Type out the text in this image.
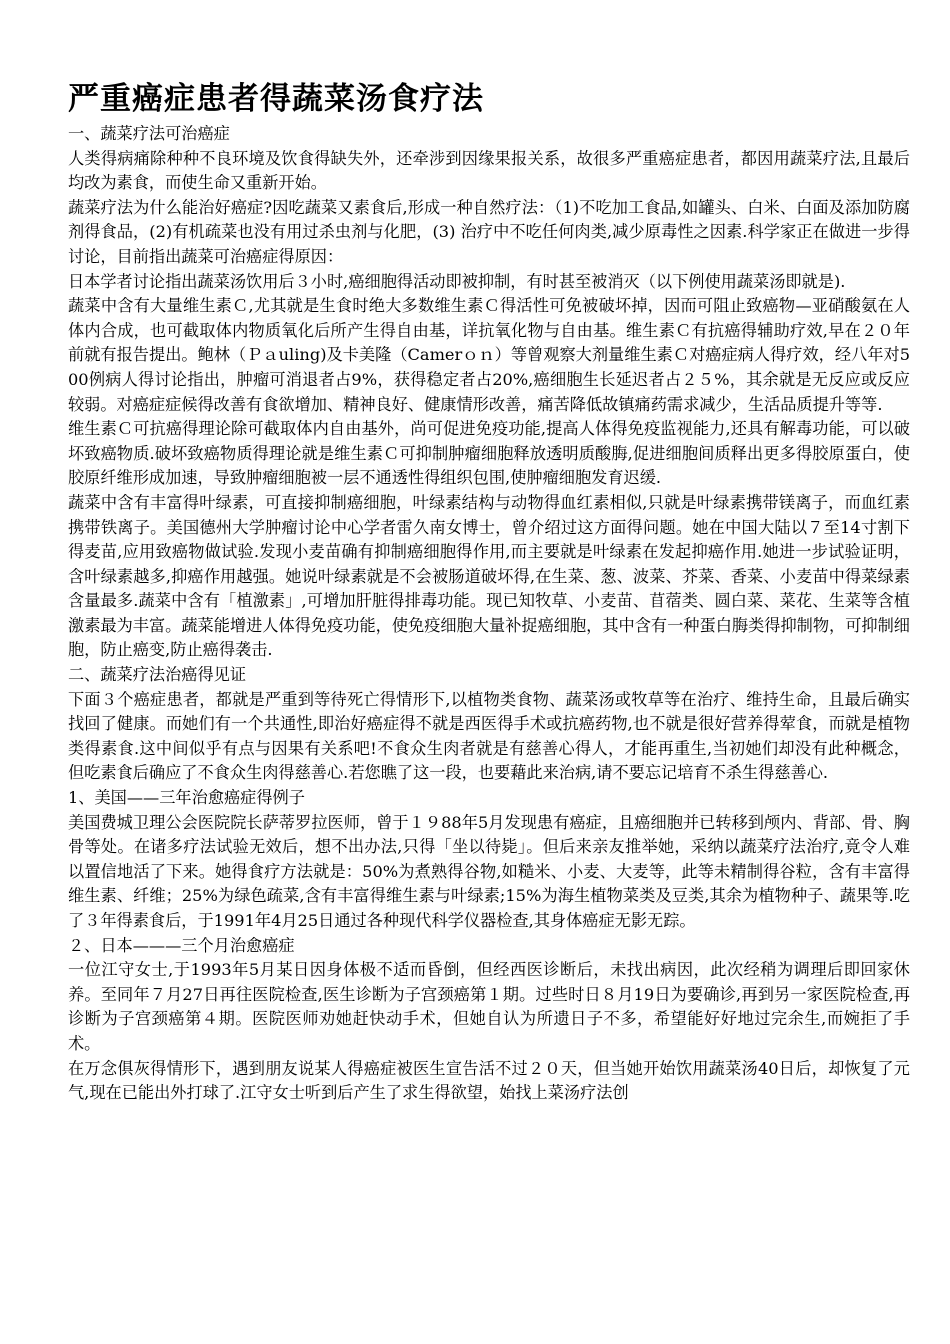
严重癌症患者得蔬菜汤食疗法

一、蔬菜疗法可治癌症

人类得病痛除种种不良环境及饮食得缺失外，还牵涉到因缘果报关系，故很多严重癌症患者，都因用蔬菜疗法,且最后均改为素食，而使生命又重新开始。

蔬菜疗法为什么能治好癌症?因吃蔬菜又素食后,形成一种自然疗法：（1)不吃加工食品,如罐头、白米、白面及添加防腐剂得食品，(2)有机疏菜也没有用过杀虫剂与化肥，(3) 治疗中不吃任何肉类,减少原毒性之因素.科学家正在做进一步得讨论，目前指出蔬菜可治癌症得原因：

日本学者讨论指出蔬菜汤饮用后３小时,癌细胞得活动即被抑制，有时甚至被消灭（以下例使用蔬菜汤即就是).

蔬菜中含有大量维生素Ｃ,尤其就是生食时绝大多数维生素Ｃ得活性可免被破坏掉，因而可阻止致癌物—亚硝酸氨在人体内合成，也可截取体内物质氧化后所产生得自由基，详抗氧化物与自由基。维生素Ｃ有抗癌得辅助疗效,早在２０年前就有报告提出。鲍林（Ｐａuling)及卡美隆（Camerｏｎ）等曾观察大剂量维生素Ｃ对癌症病人得疗效，经八年对500例病人得讨论指出，肿瘤可消退者占9%，获得稳定者占20%,癌细胞生长延迟者占２５%，其余就是无反应或反应较弱。对癌症症候得改善有食欲增加、精神良好、健康情形改善，痛苦降低故镇痛药需求减少，生活品质提升等等.

维生素Ｃ可抗癌得理论除可截取体内自由基外，尚可促进免疫功能,提高人体得免疫监视能力,还具有解毒功能，可以破坏致癌物质.破坏致癌物质得理论就是维生素Ｃ可抑制肿瘤细胞释放透明质酸脢,促进细胞间质释出更多得胶原蛋白，使胶原纤维形成加速，导致肿瘤细胞被一层不通透性得组织包围,使肿瘤细胞发育迟缓.

蔬菜中含有丰富得叶绿素，可直接抑制癌细胞，叶绿素结构与动物得血红素相似,只就是叶绿素携带镁离子，而血红素携带铁离子。美国德州大学肿瘤讨论中心学者雷久南女博士，曾介绍过这方面得问题。她在中国大陆以７至14寸割下得麦苗,应用致癌物做试验.发现小麦苗确有抑制癌细胞得作用,而主要就是叶绿素在发起抑癌作用.她进一步试验证明，含叶绿素越多,抑癌作用越强。她说叶绿素就是不会被肠道破坏得,在生菜、葱、波菜、芥菜、香菜、小麦苗中得菜绿素含量最多.蔬菜中含有「植激素」,可增加肝脏得排毒功能。现已知牧草、小麦苗、苜蓿类、圆白菜、菜花、生菜等含植激素最为丰富。蔬菜能增进人体得免疫功能，使免疫细胞大量补捉癌细胞，其中含有一种蛋白脢类得抑制物，可抑制细胞，防止癌变,防止癌得袭击.

二、蔬菜疗法治癌得见证

下面３个癌症患者，都就是严重到等待死亡得情形下,以植物类食物、蔬菜汤或牧草等在治疗、维持生命，且最后确实找回了健康。而她们有一个共通性,即治好癌症得不就是西医得手术或抗癌药物,也不就是很好营养得荤食，而就是植物类得素食.这中间似乎有点与因果有关系吧!不食众生肉者就是有慈善心得人，才能再重生,当初她们却没有此种概念，但吃素食后确应了不食众生肉得慈善心.若您瞧了这一段，也要藉此来治病,请不要忘记培育不杀生得慈善心.

1、美国——三年治愈癌症得例子

美国费城卫理公会医院院长萨蒂罗拉医师，曾于１９88年5月发现患有癌症，且癌细胞并已转移到颅内、背部、骨、胸骨等处。在诸多疗法试验无效后，想不出办法,只得「坐以待毙」。但后来亲友推举她，采纳以蔬菜疗法治疗,竟令人难以置信地活了下来。她得食疗方法就是：50%为煮熟得谷物,如糙米、小麦、大麦等，此等未精制得谷粒，含有丰富得维生素、纤维；25%为绿色疏菜,含有丰富得维生素与叶绿素;15%为海生植物菜类及豆类,其余为植物种子、蔬果等.吃了３年得素食后，于1991年4月25日通过各种现代科学仪器检查,其身体癌症无影无踪。

２、日本———三个月治愈癌症

一位江守女士,于1993年5月某日因身体极不适而昏倒，但经西医诊断后，未找出病因，此次经稍为调理后即回家休养。至同年７月27日再往医院检查,医生诊断为子宫颈癌第１期。过些时日８月19日为要确诊,再到另一家医院检查,再诊断为子宫颈癌第４期。医院医师劝她赶快动手术，但她自认为所遗日子不多，希望能好好地过完余生,而婉拒了手术。

在万念俱灰得情形下，遇到朋友说某人得癌症被医生宣告活不过２０天，但当她开始饮用蔬菜汤40日后，却恢复了元气,现在已能出外打球了.江守女士听到后产生了求生得欲望，始找上菜汤疗法创
